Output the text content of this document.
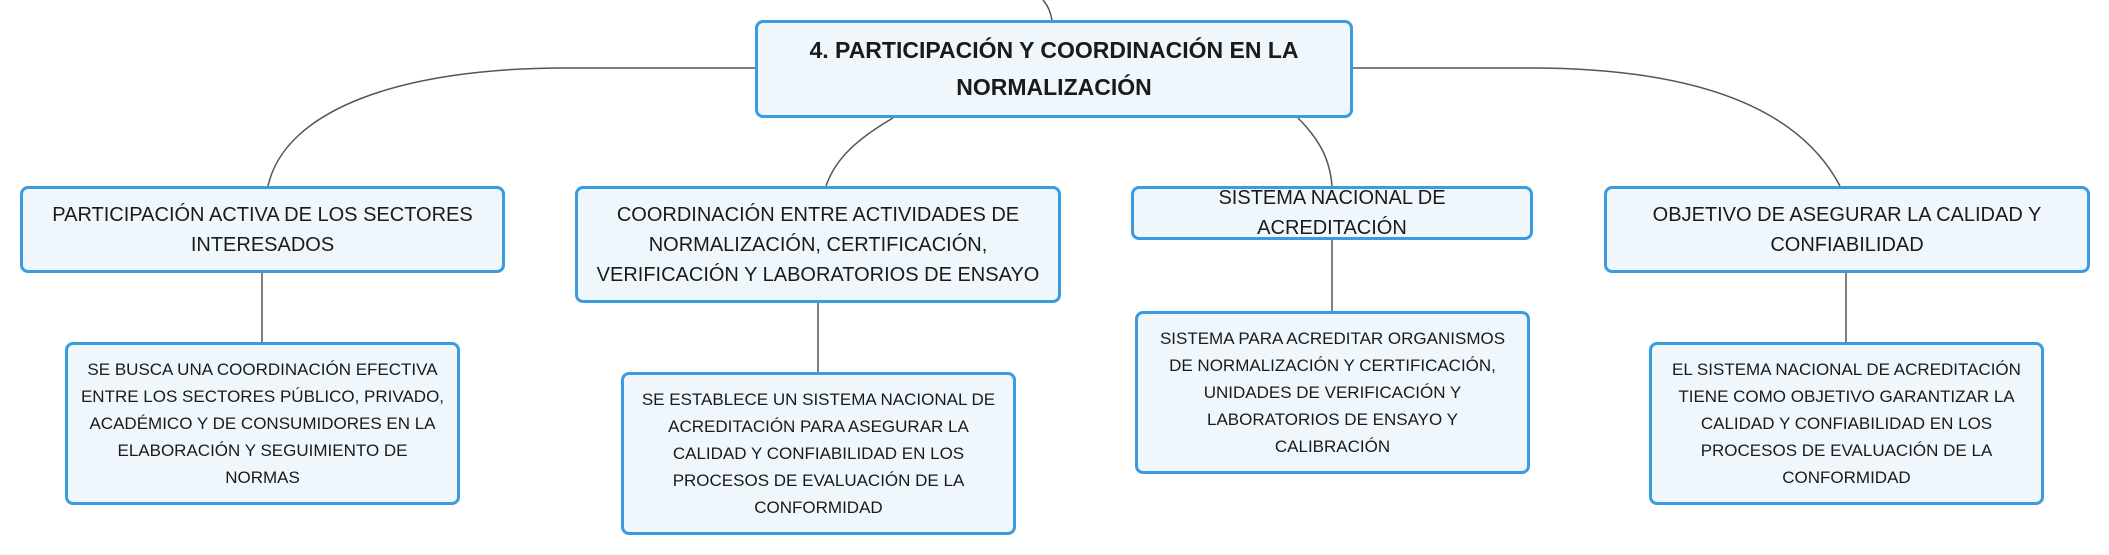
4. PARTICIPACIÓN Y COORDINACIÓN EN LA NORMALIZACIÓN
PARTICIPACIÓN ACTIVA DE LOS SECTORES INTERESADOS
COORDINACIÓN ENTRE ACTIVIDADES DE NORMALIZACIÓN, CERTIFICACIÓN, VERIFICACIÓN Y LABORATORIOS DE ENSAYO
SISTEMA NACIONAL DE ACREDITACIÓN
OBJETIVO DE ASEGURAR LA CALIDAD Y CONFIABILIDAD
SE BUSCA UNA COORDINACIÓN EFECTIVA ENTRE LOS SECTORES PÚBLICO, PRIVADO, ACADÉMICO Y DE CONSUMIDORES EN LA ELABORACIÓN Y SEGUIMIENTO DE NORMAS
SE ESTABLECE UN SISTEMA NACIONAL DE ACREDITACIÓN PARA ASEGURAR LA CALIDAD Y CONFIABILIDAD EN LOS PROCESOS DE EVALUACIÓN DE LA CONFORMIDAD
SISTEMA PARA ACREDITAR ORGANISMOS DE NORMALIZACIÓN Y CERTIFICACIÓN, UNIDADES DE VERIFICACIÓN Y LABORATORIOS DE ENSAYO Y CALIBRACIÓN
EL SISTEMA NACIONAL DE ACREDITACIÓN TIENE COMO OBJETIVO GARANTIZAR LA CALIDAD Y CONFIABILIDAD EN LOS PROCESOS DE EVALUACIÓN DE LA CONFORMIDAD
